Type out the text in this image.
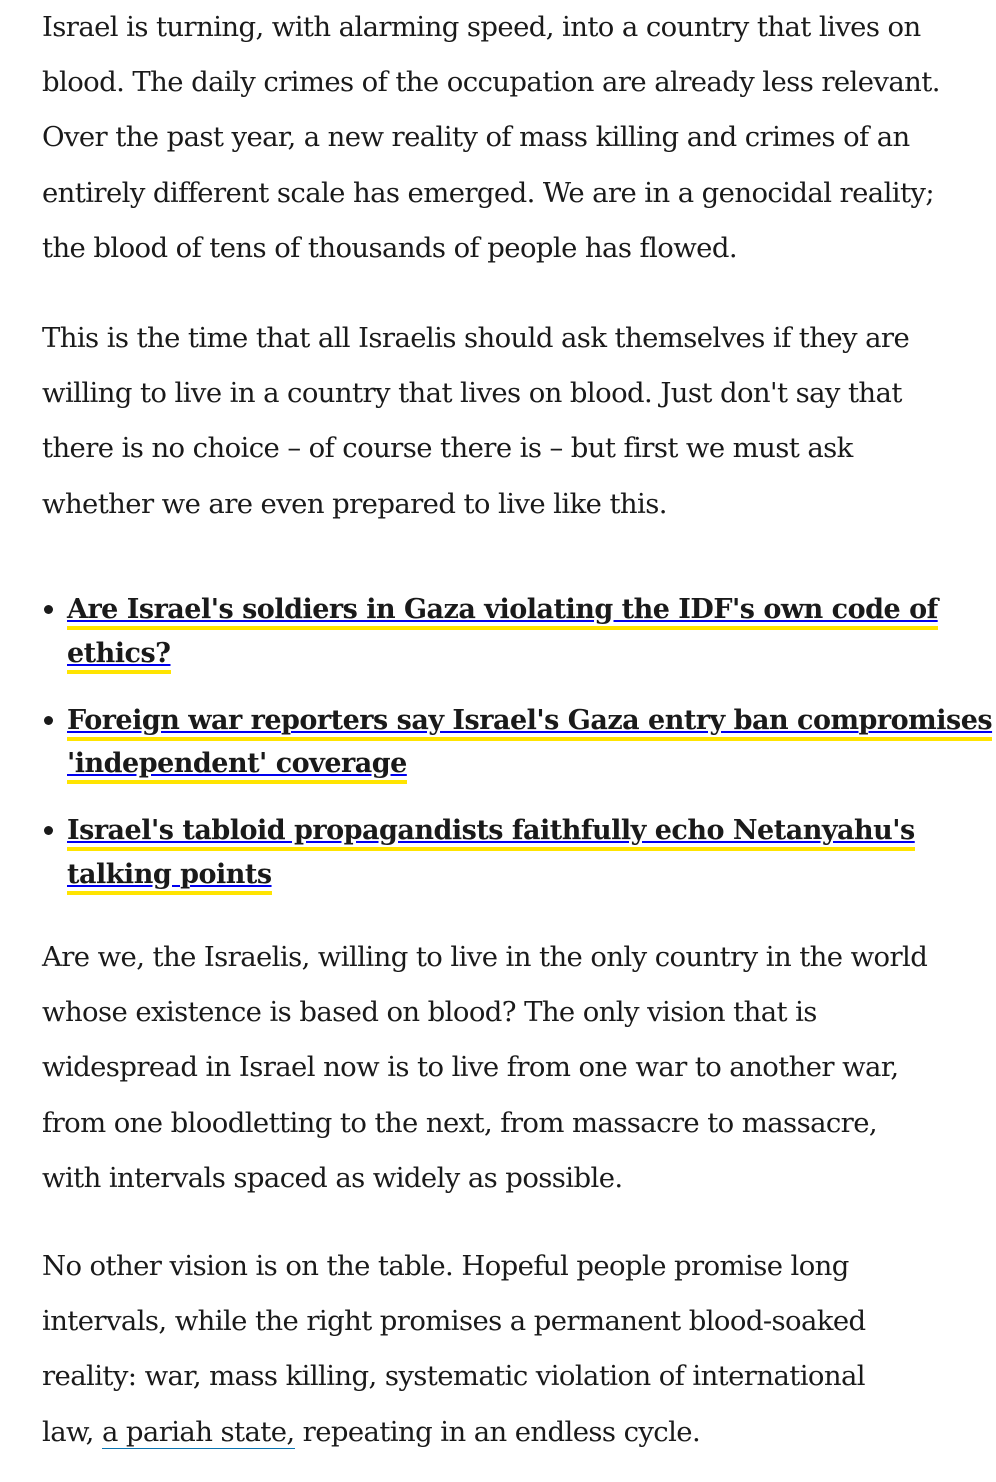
Israel is turning, with alarming speed, into a country that lives on
blood. The daily crimes of the occupation are already less relevant.
Over the past year, a new reality of mass killing and crimes of an
entirely different scale has emerged. We are in a genocidal reality;
the blood of tens of thousands of people has flowed.

This is the time that all Israelis should ask themselves if they are
willing to live in a country that lives on blood. Just don't say that
there is no choice – of course there is – but first we must ask
whether we are even prepared to live like this.

Are Israel's soldiers in Gaza violating the IDF's own code of
ethics?
Foreign war reporters say Israel's Gaza entry ban compromises
'independent' coverage
Israel's tabloid propagandists faithfully echo Netanyahu's
talking points

Are we, the Israelis, willing to live in the only country in the world
whose existence is based on blood? The only vision that is
widespread in Israel now is to live from one war to another war,
from one bloodletting to the next, from massacre to massacre,
with intervals spaced as widely as possible.

No other vision is on the table. Hopeful people promise long
intervals, while the right promises a permanent blood-soaked
reality: war, mass killing, systematic violation of international
law, a pariah state, repeating in an endless cycle.
